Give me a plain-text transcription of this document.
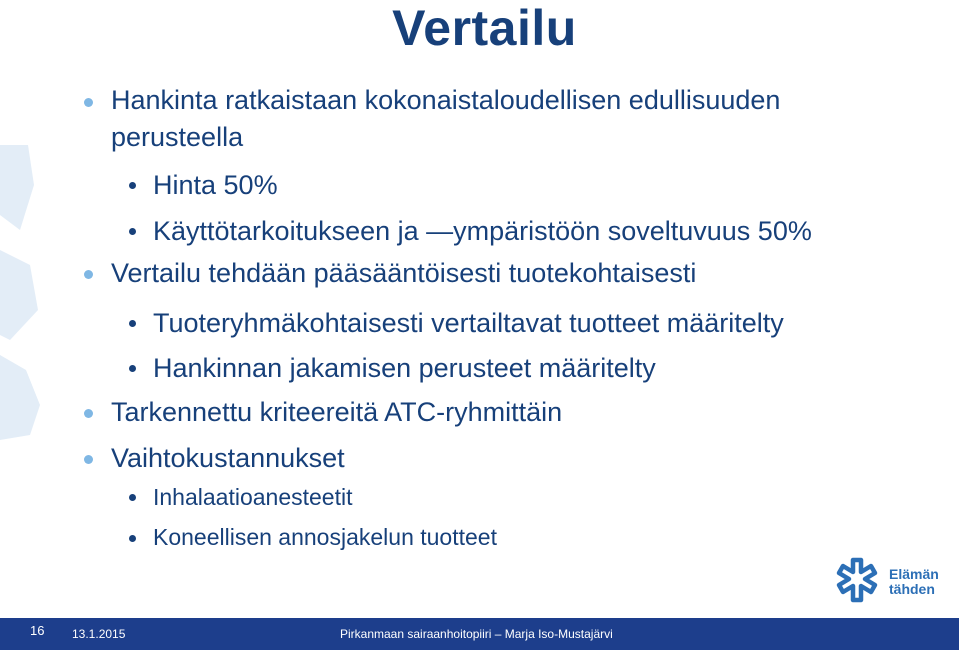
Vertailu
Hankinta ratkaistaan kokonaistaloudellisen edullisuuden
perusteella
Hinta 50%
Käyttötarkoitukseen ja —ympäristöön soveltuvuus 50%
Vertailu tehdään pääsääntöisesti tuotekohtaisesti
Tuoteryhmäkohtaisesti vertailtavat tuotteet määritelty
Hankinnan jakamisen perusteet määritelty
Tarkennettu kriteereitä ATC-ryhmittäin
Vaihtokustannukset
Inhalaatioanesteetit
Koneellisen annosjakelun tuotteet
Elämän
tähden
16 13.1.2015	Pirkanmaan sairaanhoitopiiri – Marja Iso-Mustajärvi
